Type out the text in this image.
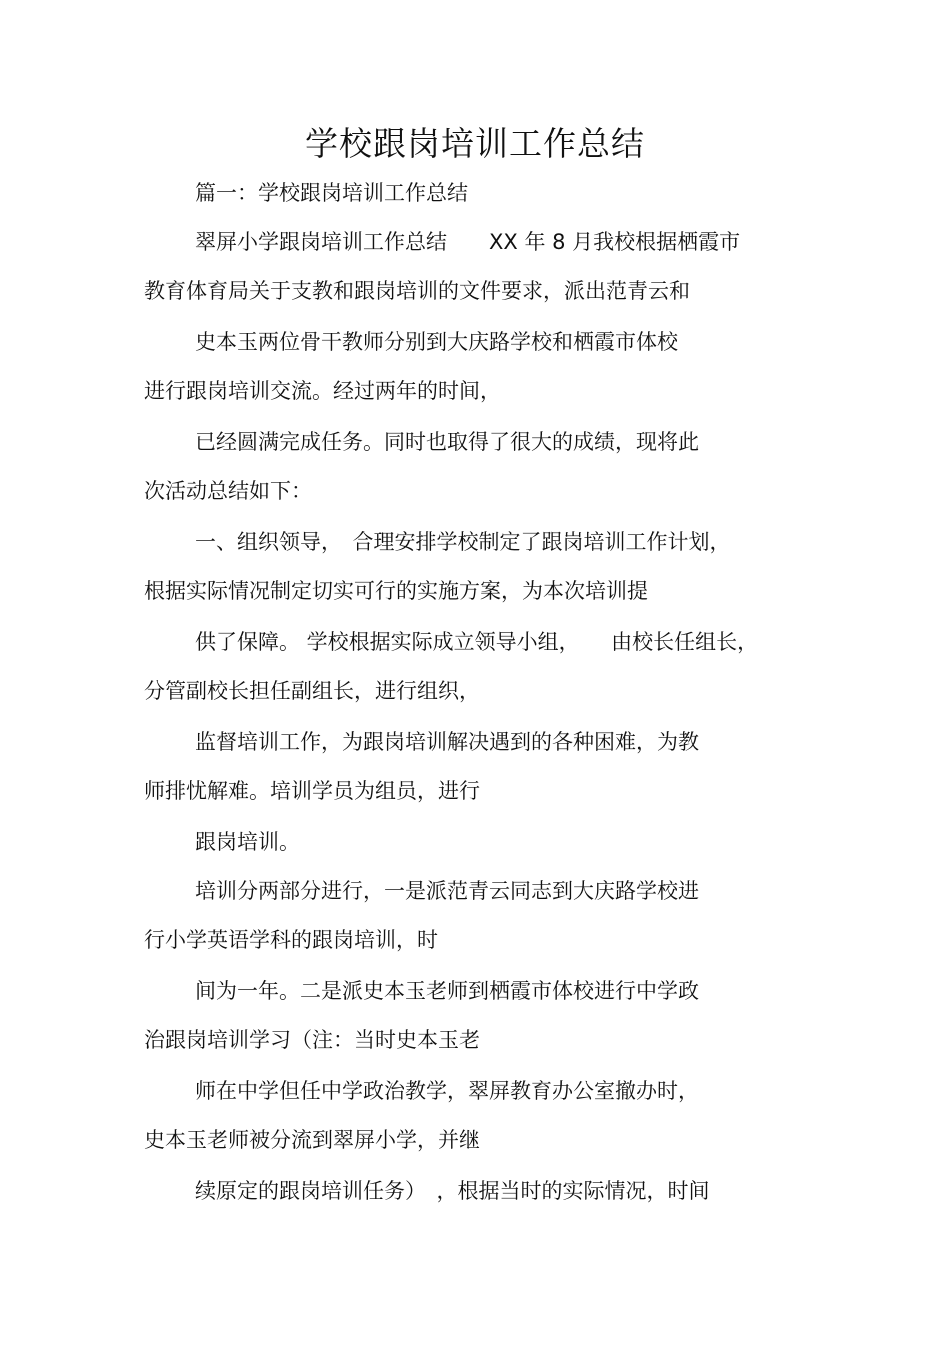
学校跟岗培训工作总结
篇一：学校跟岗培训工作总结
翠屏小学跟岗培训工作总结　　XX 年 8 月我校根据栖霞市
教育体育局关于支教和跟岗培训的文件要求，派出范青云和
史本玉两位骨干教师分别到大庆路学校和栖霞市体校
进行跟岗培训交流。经过两年的时间，
已经圆满完成任务。同时也取得了很大的成绩，现将此
次活动总结如下：
一、组织领导，　合理安排学校制定了跟岗培训工作计划，
根据实际情况制定切实可行的实施方案，为本次培训提
供了保障。 学校根据实际成立领导小组，　　由校长任组长，
分管副校长担任副组长，进行组织，
监督培训工作，为跟岗培训解决遇到的各种困难，为教
师排忧解难。培训学员为组员，进行
跟岗培训。
培训分两部分进行，一是派范青云同志到大庆路学校进
行小学英语学科的跟岗培训，时
间为一年。二是派史本玉老师到栖霞市体校进行中学政
治跟岗培训学习（注：当时史本玉老
师在中学但任中学政治教学，翠屏教育办公室撤办时，
史本玉老师被分流到翠屏小学，并继
续原定的跟岗培训任务）　，根据当时的实际情况，时间
